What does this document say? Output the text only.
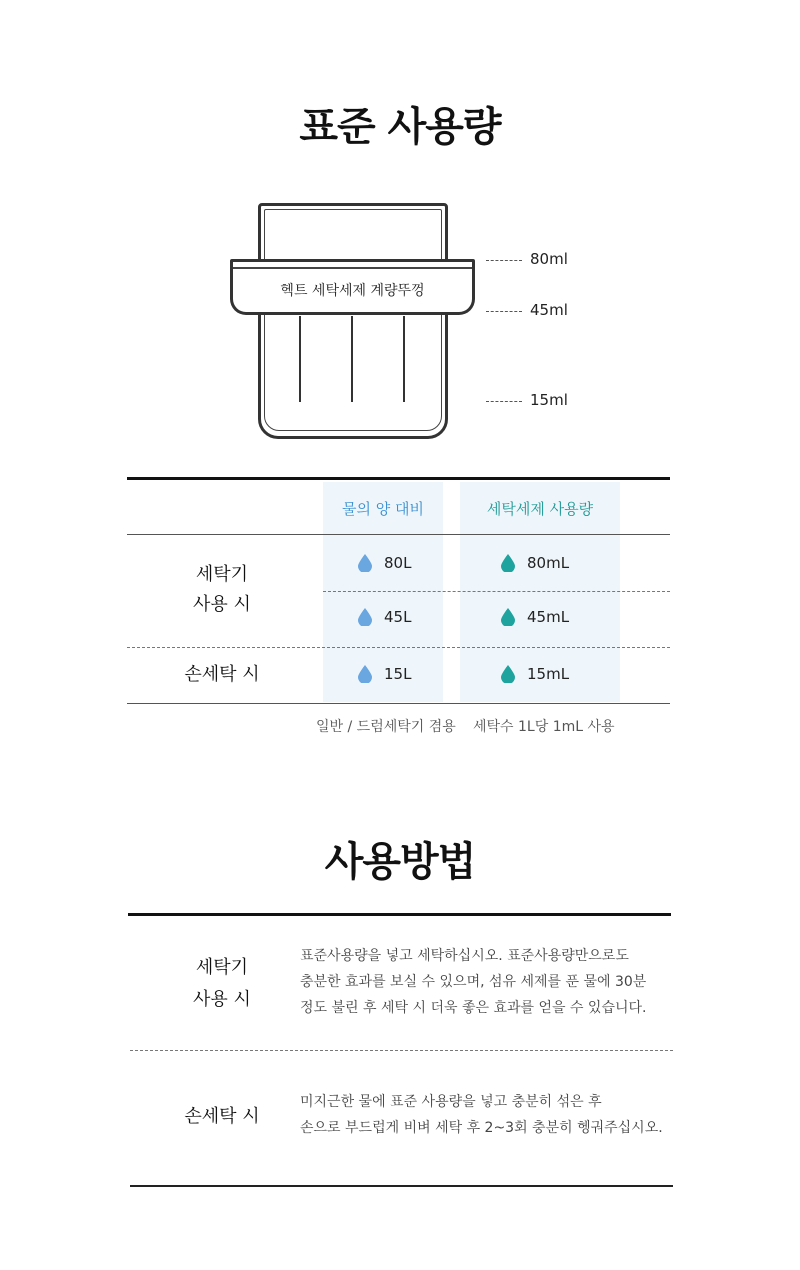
표준 사용량
헥트 세탁세제 계량뚜껑
80ml
45ml
15ml
물의 양 대비	세탁세제 사용량
세탁기
사용 시
80L	80mL
45L	45mL
손세탁 시	15L	15mL
일반 / 드럼세탁기 겸용 세탁수 1L당 1mL 사용
사용방법
세탁기
사용 시
표준사용량을 넣고 세탁하십시오. 표준사용량만으로도
충분한 효과를 보실 수 있으며, 섬유 세제를 푼 물에 30분
정도 불린 후 세탁 시 더욱 좋은 효과를 얻을 수 있습니다.
손세탁 시
미지근한 물에 표준 사용량을 넣고 충분히 섞은 후
손으로 부드럽게 비벼 세탁 후 2~3회 충분히 헹궈주십시오.
